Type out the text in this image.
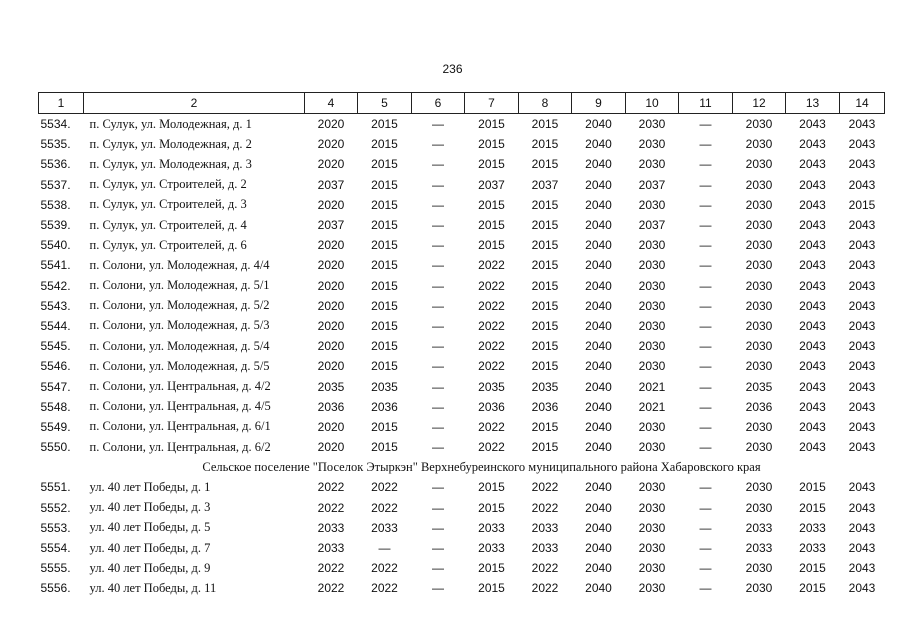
236
1	2	4	5	6	7	8	9	10	11	12	13	14
5534.	п. Сулук, ул. Молодежная, д. 1	2020	2015	—	2015	2015	2040	2030	—	2030	2043	2043
5535.	п. Сулук, ул. Молодежная, д. 2	2020	2015	—	2015	2015	2040	2030	—	2030	2043	2043
5536.	п. Сулук, ул. Молодежная, д. 3	2020	2015	—	2015	2015	2040	2030	—	2030	2043	2043
5537.	п. Сулук, ул. Строителей, д. 2	2037	2015	—	2037	2037	2040	2037	—	2030	2043	2043
5538.	п. Сулук, ул. Строителей, д. 3	2020	2015	—	2015	2015	2040	2030	—	2030	2043	2015
5539.	п. Сулук, ул. Строителей, д. 4	2037	2015	—	2015	2015	2040	2037	—	2030	2043	2043
5540.	п. Сулук, ул. Строителей, д. 6	2020	2015	—	2015	2015	2040	2030	—	2030	2043	2043
5541.	п. Солони, ул. Молодежная, д. 4/4	2020	2015	—	2022	2015	2040	2030	—	2030	2043	2043
5542.	п. Солони, ул. Молодежная, д. 5/1	2020	2015	—	2022	2015	2040	2030	—	2030	2043	2043
5543.	п. Солони, ул. Молодежная, д. 5/2	2020	2015	—	2022	2015	2040	2030	—	2030	2043	2043
5544.	п. Солони, ул. Молодежная, д. 5/3	2020	2015	—	2022	2015	2040	2030	—	2030	2043	2043
5545.	п. Солони, ул. Молодежная, д. 5/4	2020	2015	—	2022	2015	2040	2030	—	2030	2043	2043
5546.	п. Солони, ул. Молодежная, д. 5/5	2020	2015	—	2022	2015	2040	2030	—	2030	2043	2043
5547.	п. Солони, ул. Центральная, д. 4/2	2035	2035	—	2035	2035	2040	2021	—	2035	2043	2043
5548.	п. Солони, ул. Центральная, д. 4/5	2036	2036	—	2036	2036	2040	2021	—	2036	2043	2043
5549.	п. Солони, ул. Центральная, д. 6/1	2020	2015	—	2022	2015	2040	2030	—	2030	2043	2043
5550.	п. Солони, ул. Центральная, д. 6/2	2020	2015	—	2022	2015	2040	2030	—	2030	2043	2043
Сельское поселение "Поселок Этыркэн" Верхнебуреинского муниципального района Хабаровского края												
5551.	ул. 40 лет Победы, д. 1	2022	2022	—	2015	2022	2040	2030	—	2030	2015	2043
5552.	ул. 40 лет Победы, д. 3	2022	2022	—	2015	2022	2040	2030	—	2030	2015	2043
5553.	ул. 40 лет Победы, д. 5	2033	2033	—	2033	2033	2040	2030	—	2033	2033	2043
5554.	ул. 40 лет Победы, д. 7	2033	—	—	2033	2033	2040	2030	—	2033	2033	2043
5555.	ул. 40 лет Победы, д. 9	2022	2022	—	2015	2022	2040	2030	—	2030	2015	2043
5556.	ул. 40 лет Победы, д. 11	2022	2022	—	2015	2022	2040	2030	—	2030	2015	2043
